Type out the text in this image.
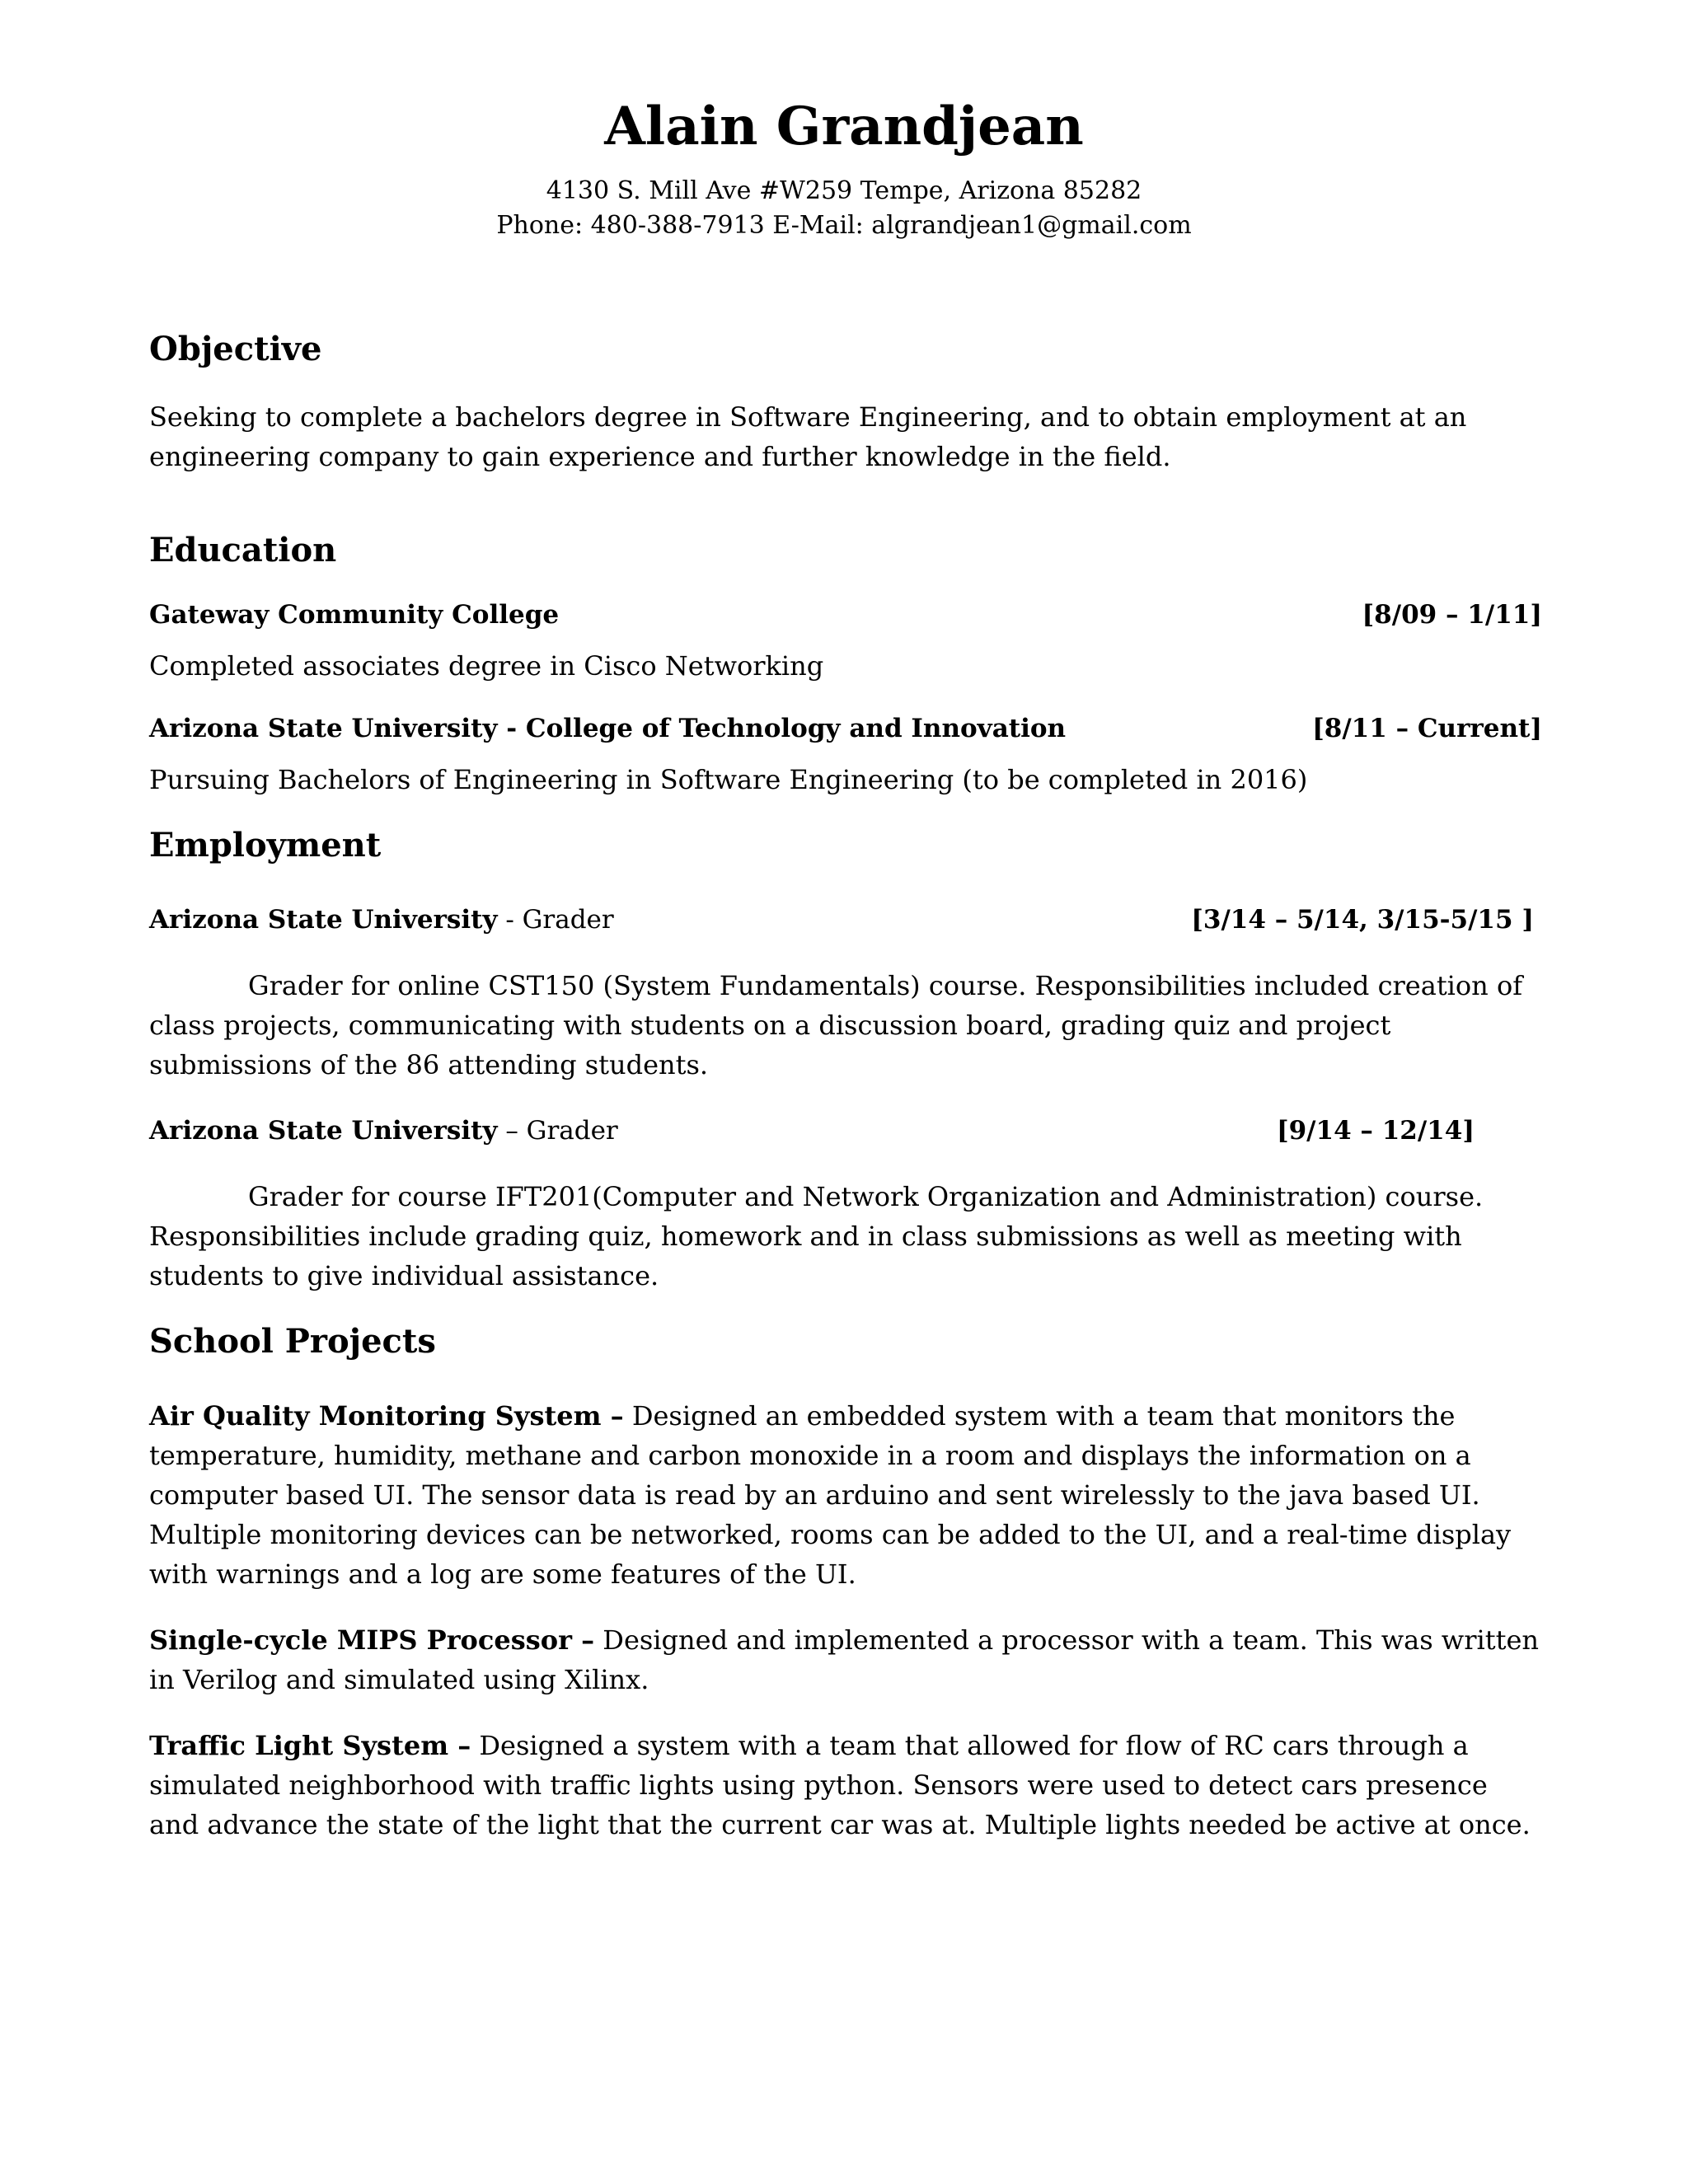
Alain Grandjean
4130 S. Mill Ave #W259 Tempe, Arizona 85282
Phone: 480-388-7913 E-Mail: algrandjean1@gmail.com
Objective

Seeking to complete a bachelors degree in Software Engineering, and to obtain employment at an engineering company to gain experience and further knowledge in the field.

Education
Gateway Community College	[8/09 – 1/11]

Completed associates degree in Cisco Networking

Arizona State University - College of Technology and Innovation	[8/11 – Current]

Pursuing Bachelors of Engineering in Software Engineering (to be completed in 2016)

Employment
Arizona State University - Grader	[3/14 – 5/14, 3/15-5/15 ]

Grader for online CST150 (System Fundamentals) course. Responsibilities included creation of class projects, communicating with students on a discussion board, grading quiz and project submissions of the 86 attending students.

Arizona State University – Grader	[9/14 – 12/14]

Grader for course IFT201(Computer and Network Organization and Administration) course. Responsibilities include grading quiz, homework and in class submissions as well as meeting with students to give individual assistance.

School Projects

Air Quality Monitoring System – Designed an embedded system with a team that monitors the temperature, humidity, methane and carbon monoxide in a room and displays the information on a computer based UI. The sensor data is read by an arduino and sent wirelessly to the java based UI. Multiple monitoring devices can be networked, rooms can be added to the UI, and a real-time display with warnings and a log are some features of the UI.

Single-cycle MIPS Processor – Designed and implemented a processor with a team. This was written in Verilog and simulated using Xilinx.

Traffic Light System – Designed a system with a team that allowed for flow of RC cars through a simulated neighborhood with traffic lights using python. Sensors were used to detect cars presence and advance the state of the light that the current car was at. Multiple lights needed be active at once.
